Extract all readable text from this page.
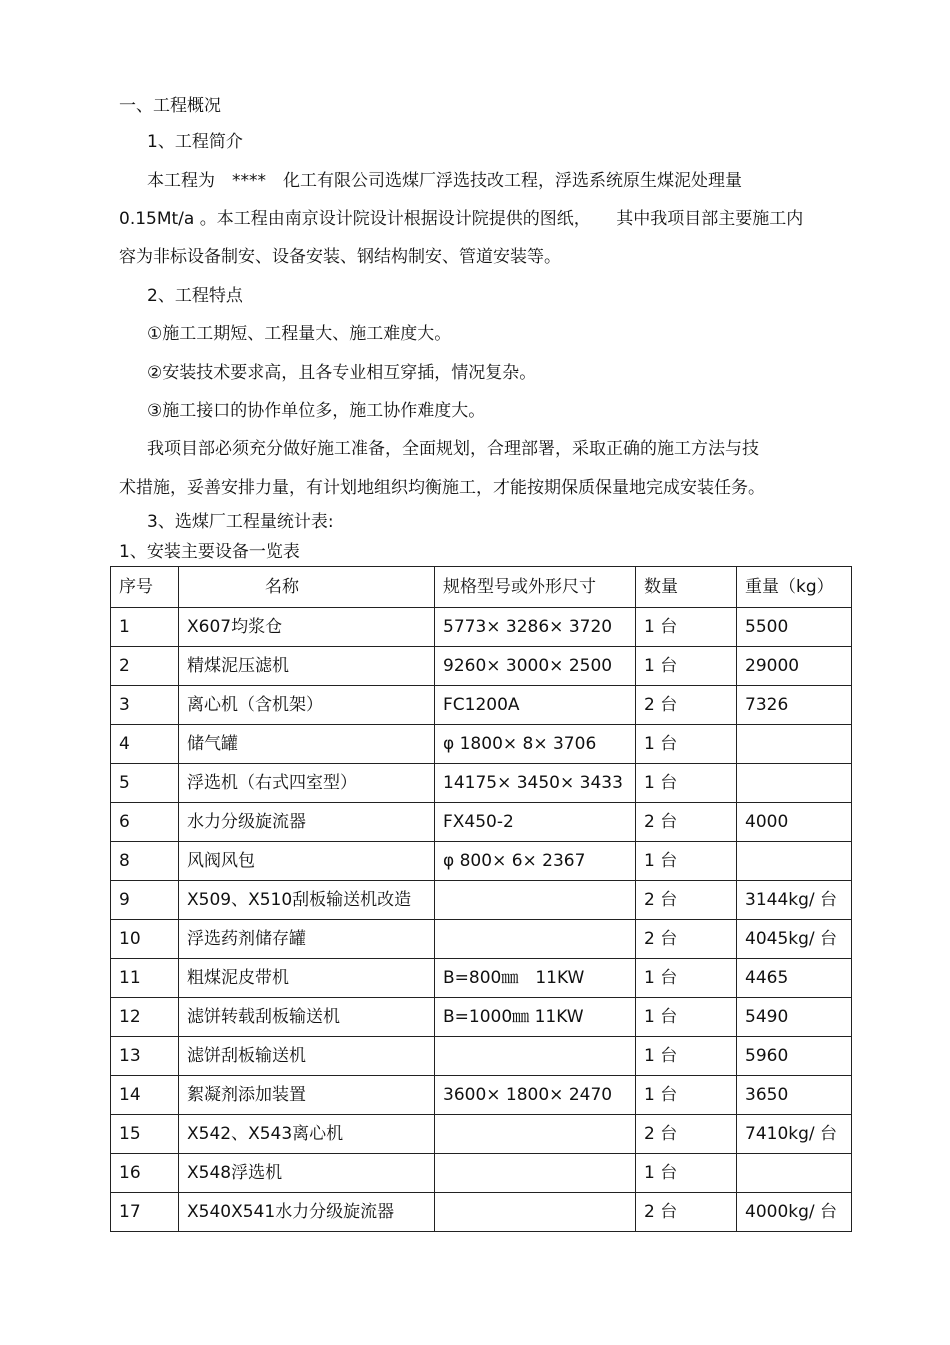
一、工程概况
1、工程简介
本工程为　****　化工有限公司选煤厂浮选技改工程，浮选系统原生煤泥处理量
0.15Mt/a 。本工程由南京设计院设计根据设计院提供的图纸，　　其中我项目部主要施工内
容为非标设备制安、设备安装、钢结构制安、管道安装等。
2、工程特点
①施工工期短、工程量大、施工难度大。
②安装技术要求高，且各专业相互穿插，情况复杂。
③施工接口的协作单位多，施工协作难度大。
我项目部必须充分做好施工准备，全面规划，合理部署，采取正确的施工方法与技
术措施，妥善安排力量，有计划地组织均衡施工，才能按期保质保量地完成安装任务。
3、选煤厂工程量统计表:
1、安装主要设备一览表
序号	名称	规格型号或外形尺寸	数量	重量（kg）
1	X607均浆仓	5773× 3286× 3720	1 台	5500
2	精煤泥压滤机	9260× 3000× 2500	1 台	29000
3	离心机（含机架）	FC1200A	2 台	7326
4	储气罐	φ 1800× 8× 3706	1 台	
5	浮选机（右式四室型）	14175× 3450× 3433	1 台	
6	水力分级旋流器	FX450-2	2 台	4000
8	风阀风包	φ 800× 6× 2367	1 台	
9	X509、X510刮板输送机改造		2 台	3144kg/ 台
10	浮选药剂储存罐		2 台	4045kg/ 台
11	粗煤泥皮带机	B=800㎜　11KW	1 台	4465
12	滤饼转载刮板输送机	B=1000㎜ 11KW	1 台	5490
13	滤饼刮板输送机		1 台	5960
14	絮凝剂添加装置	3600× 1800× 2470	1 台	3650
15	X542、X543离心机		2 台	7410kg/ 台
16	X548浮选机		1 台	
17	X540X541水力分级旋流器		2 台	4000kg/ 台
